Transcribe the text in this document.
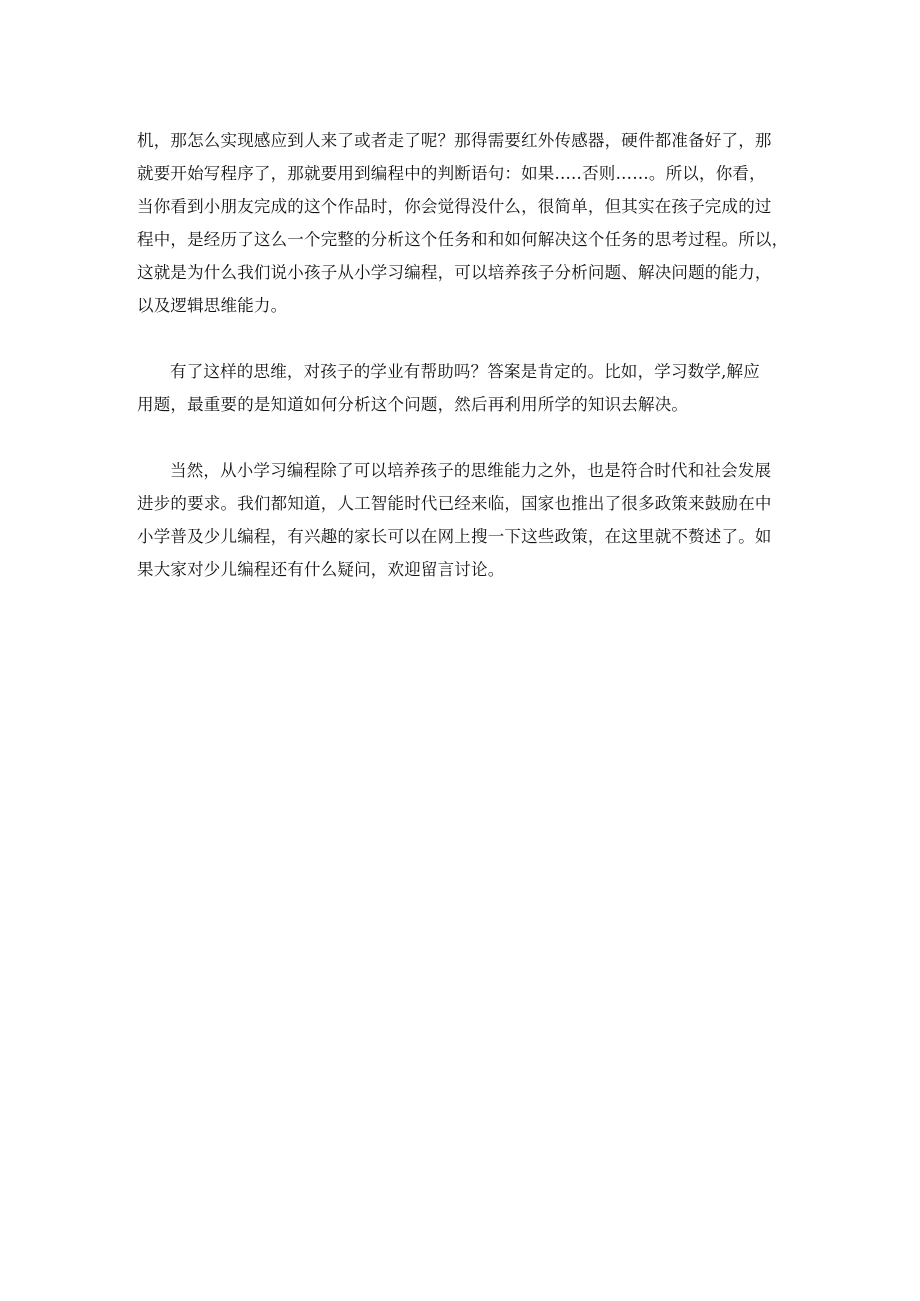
机，那怎么实现感应到人来了或者走了呢？那得需要红外传感器，硬件都准备好了，那
就要开始写程序了，那就要用到编程中的判断语句：如果..…否则……。所以，你看，
当你看到小朋友完成的这个作品时，你会觉得没什么，很简单，但其实在孩子完成的过
程中，是经历了这么一个完整的分析这个任务和和如何解决这个任务的思考过程。所以，
这就是为什么我们说小孩子从小学习编程，可以培养孩子分析问题、解决问题的能力，
以及逻辑思维能力。
有了这样的思维，对孩子的学业有帮助吗？答案是肯定的。比如，学习数学,解应
用题，最重要的是知道如何分析这个问题，然后再利用所学的知识去解决。
当然，从小学习编程除了可以培养孩子的思维能力之外，也是符合时代和社会发展
进步的要求。我们都知道，人工智能时代已经来临，国家也推出了很多政策来鼓励在中
小学普及少儿编程，有兴趣的家长可以在网上搜一下这些政策，在这里就不赘述了。如
果大家对少儿编程还有什么疑问，欢迎留言讨论。
